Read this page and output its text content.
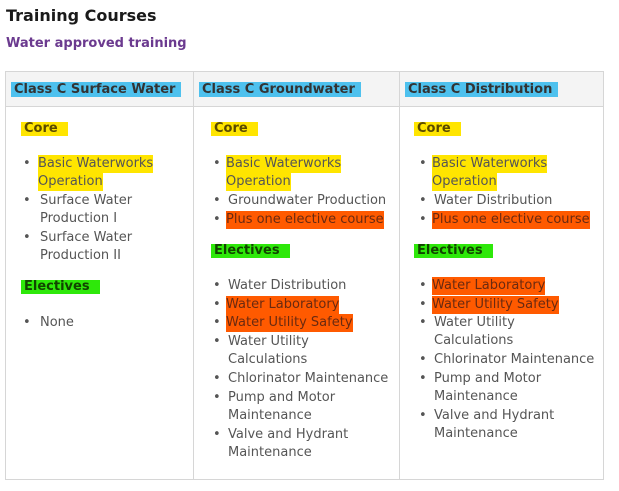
Training Courses
Water approved training
Class C Surface Water	Class C Groundwater	Class C Distribution
Core
• Basic Waterworks
Operation
• Surface Water
Production I
• Surface Water
Production II
Electives
• None
Core
• Basic Waterworks
Operation
• Groundwater Production
• Plus one elective course
Electives
• Water Distribution
• Water Laboratory
• Water Utility Safety
• Water Utility
Calculations
• Chlorinator Maintenance
• Pump and Motor
Maintenance
• Valve and Hydrant
Maintenance
Core
• Basic Waterworks
Operation
• Water Distribution
• Plus one elective course
Electives
• Water Laboratory
• Water Utility Safety
• Water Utility
Calculations
• Chlorinator Maintenance
• Pump and Motor
Maintenance
• Valve and Hydrant
Maintenance
